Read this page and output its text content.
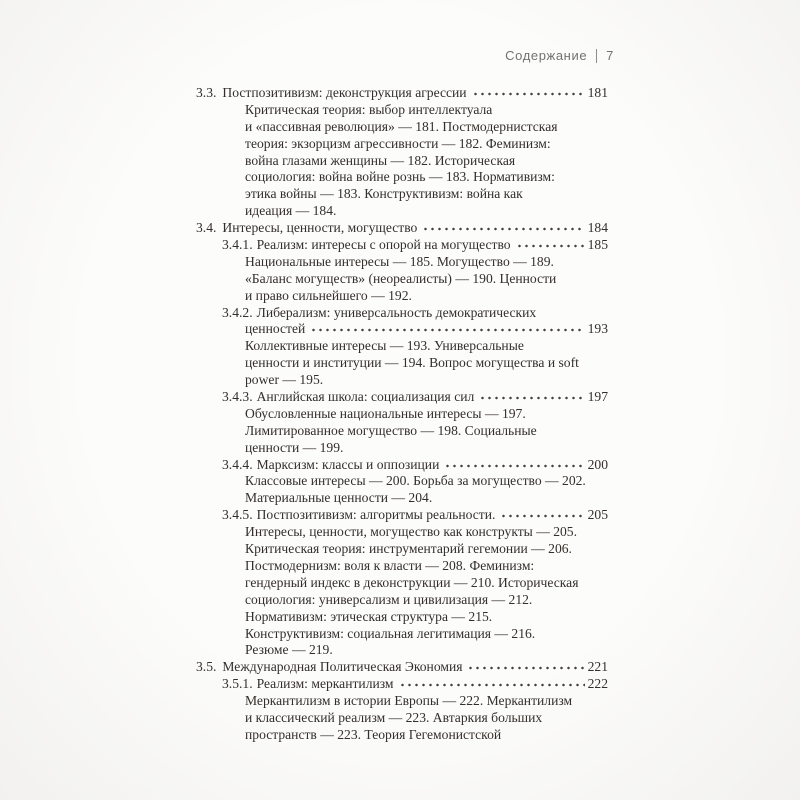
Содержание 7
3.3. Постпозитивизм: деконструкция агрессии	181
Критическая теория: выбор интеллектуала
и «пассивная революция» — 181. Постмодернистская
теория: экзорцизм агрессивности — 182. Феминизм:
война глазами женщины — 182. Историческая
социология: война войне рознь — 183. Нормативизм:
этика войны — 183. Конструктивизм: война как
идеация — 184.
3.4. Интересы, ценности, могущество	184
3.4.1. Реализм: интересы с опорой на могущество	185
Национальные интересы — 185. Могущество — 189.
«Баланс могуществ» (неореалисты) — 190. Ценности
и право сильнейшего — 192.
3.4.2. Либерализм: универсальность демократических
ценностей	193
Коллективные интересы — 193. Универсальные
ценности и институции — 194. Вопрос могущества и soft
power — 195.
3.4.3. Английская школа: социализация сил	197
Обусловленные национальные интересы — 197.
Лимитированное могущество — 198. Социальные
ценности — 199.
3.4.4. Марксизм: классы и оппозиции	200
Классовые интересы — 200. Борьба за могущество — 202.
Материальные ценности — 204.
3.4.5. Постпозитивизм: алгоритмы реальности.	205
Интересы, ценности, могущество как конструкты — 205.
Критическая теория: инструментарий гегемонии — 206.
Постмодернизм: воля к власти — 208. Феминизм:
гендерный индекс в деконструкции — 210. Историческая
социология: универсализм и цивилизация — 212.
Нормативизм: этическая структура — 215.
Конструктивизм: социальная легитимация — 216.
Резюме — 219.
3.5. Международная Политическая Экономия	221
3.5.1. Реализм: меркантилизм	222
Меркантилизм в истории Европы — 222. Меркантилизм
и классический реализм — 223. Автаркия больших
пространств — 223. Теория Гегемонистской
